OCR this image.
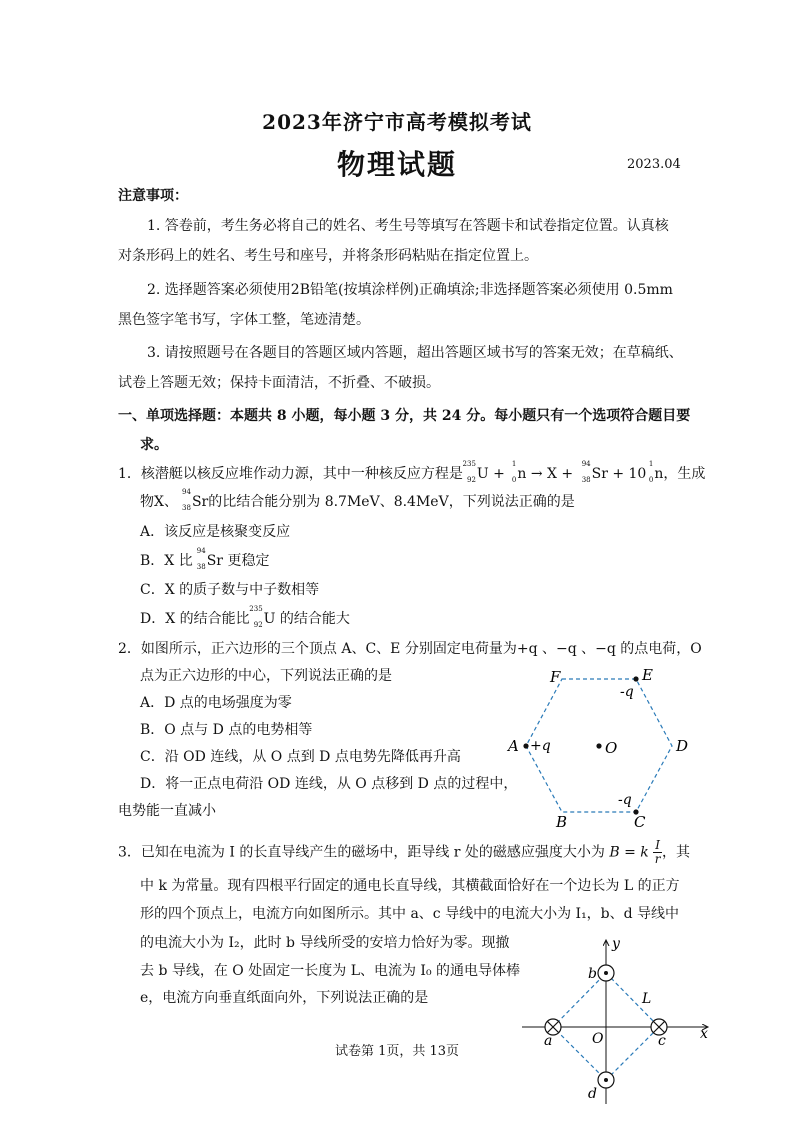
2023年济宁市高考模拟考试
物理试题	2023.04
注意事项：
1. 答卷前，考生务必将自己的姓名、考生号等填写在答题卡和试卷指定位置。认真核
对条形码上的姓名、考生号和座号，并将条形码粘贴在指定位置上。
2. 选择题答案必须使用2B铅笔(按填涂样例)正确填涂;非选择题答案必须使用 0.5mm
黑色签字笔书写，字体工整，笔迹清楚。
3. 请按照题号在各题目的答题区域内答题，超出答题区域书写的答案无效；在草稿纸、
试卷上答题无效；保持卡面清洁，不折叠、不破损。
一、单项选择题：本题共 8 小题，每小题 3 分，共 24 分。每小题只有一个选项符合题目要
求。
1．核潜艇以核反应堆作动力源，其中一种核反应方程是
235
92 U +
1
0 n → X +
94
38 Sr + 10
1
0 n，生成
物X、
94
38 Sr的比结合能分别为 8.7MeV、8.4MeV，下列说法正确的是
A．该反应是核聚变反应
B．X 比
94
38 Sr 更稳定
C．X 的质子数与中子数相等
D．X 的结合能比
235
92 U 的结合能大
2．如图所示，正六边形的三个顶点 A、C、E 分别固定电荷量为+q 、−q 、−q 的点电荷，O
点为正六边形的中心，下列说法正确的是
A．D 点的电场强度为零
B．O 点与 D 点的电势相等
C．沿 OD 连线，从 O 点到 D 点电势先降低再升高
D．将一正点电荷沿 OD 连线，从 O 点移到 D 点的过程中，
电势能一直减小
F	E
-q
A +q	O	D
-q
C
B
3．已知在电流为 I 的长直导线产生的磁场中，距导线 r 处的磁感应强度大小为 B = k $\frac{I}{r}$ ，其
中 k 为常量。现有四根平行固定的通电长直导线，其横截面恰好在一个边长为 L 的正方
形的四个顶点上，电流方向如图所示。其中 a、c 导线中的电流大小为 I₁，b、d 导线中
的电流大小为 I₂，此时 b 导线所受的安培力恰好为零。现撤
去 b 导线，在 O 处固定一长度为 L、电流为 I₀ 的通电导体棒
e，电流方向垂直纸面向外，下列说法正确的是
y
b
L
a	O	c x
d
试卷第 1页，共 13页
